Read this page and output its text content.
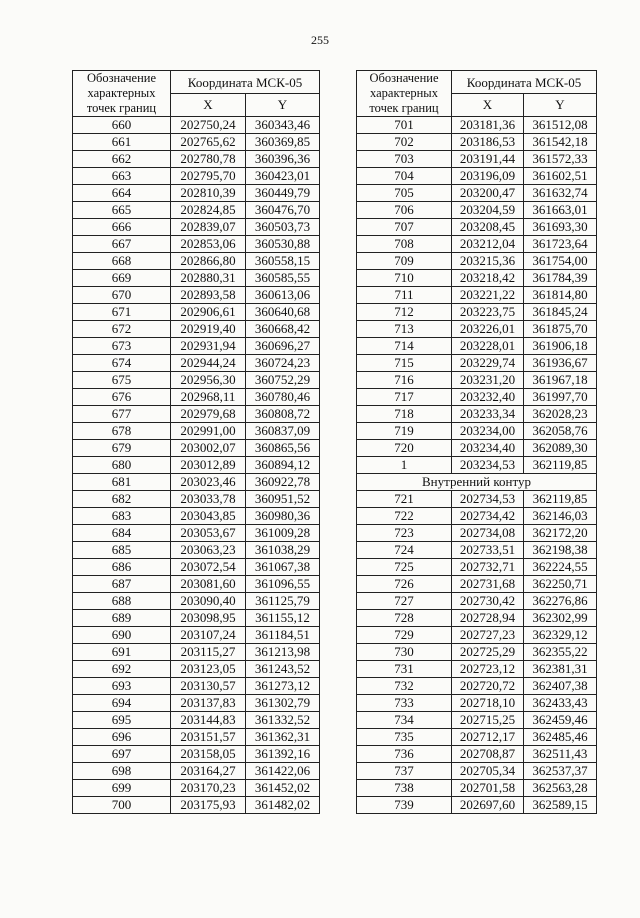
255
Обозначение характерных точек границ	Координата МСК-05	
	X	Y
660	202750,24	360343,46
661	202765,62	360369,85
662	202780,78	360396,36
663	202795,70	360423,01
664	202810,39	360449,79
665	202824,85	360476,70
666	202839,07	360503,73
667	202853,06	360530,88
668	202866,80	360558,15
669	202880,31	360585,55
670	202893,58	360613,06
671	202906,61	360640,68
672	202919,40	360668,42
673	202931,94	360696,27
674	202944,24	360724,23
675	202956,30	360752,29
676	202968,11	360780,46
677	202979,68	360808,72
678	202991,00	360837,09
679	203002,07	360865,56
680	203012,89	360894,12
681	203023,46	360922,78
682	203033,78	360951,52
683	203043,85	360980,36
684	203053,67	361009,28
685	203063,23	361038,29
686	203072,54	361067,38
687	203081,60	361096,55
688	203090,40	361125,79
689	203098,95	361155,12
690	203107,24	361184,51
691	203115,27	361213,98
692	203123,05	361243,52
693	203130,57	361273,12
694	203137,83	361302,79
695	203144,83	361332,52
696	203151,57	361362,31
697	203158,05	361392,16
698	203164,27	361422,06
699	203170,23	361452,02
700	203175,93	361482,02
Обозначение характерных точек границ	Координата МСК-05	
	X	Y
701	203181,36	361512,08
702	203186,53	361542,18
703	203191,44	361572,33
704	203196,09	361602,51
705	203200,47	361632,74
706	203204,59	361663,01
707	203208,45	361693,30
708	203212,04	361723,64
709	203215,36	361754,00
710	203218,42	361784,39
711	203221,22	361814,80
712	203223,75	361845,24
713	203226,01	361875,70
714	203228,01	361906,18
715	203229,74	361936,67
716	203231,20	361967,18
717	203232,40	361997,70
718	203233,34	362028,23
719	203234,00	362058,76
720	203234,40	362089,30
1	203234,53	362119,85
Внутренний контур		
721	202734,53	362119,85
722	202734,42	362146,03
723	202734,08	362172,20
724	202733,51	362198,38
725	202732,71	362224,55
726	202731,68	362250,71
727	202730,42	362276,86
728	202728,94	362302,99
729	202727,23	362329,12
730	202725,29	362355,22
731	202723,12	362381,31
732	202720,72	362407,38
733	202718,10	362433,43
734	202715,25	362459,46
735	202712,17	362485,46
736	202708,87	362511,43
737	202705,34	362537,37
738	202701,58	362563,28
739	202697,60	362589,15
